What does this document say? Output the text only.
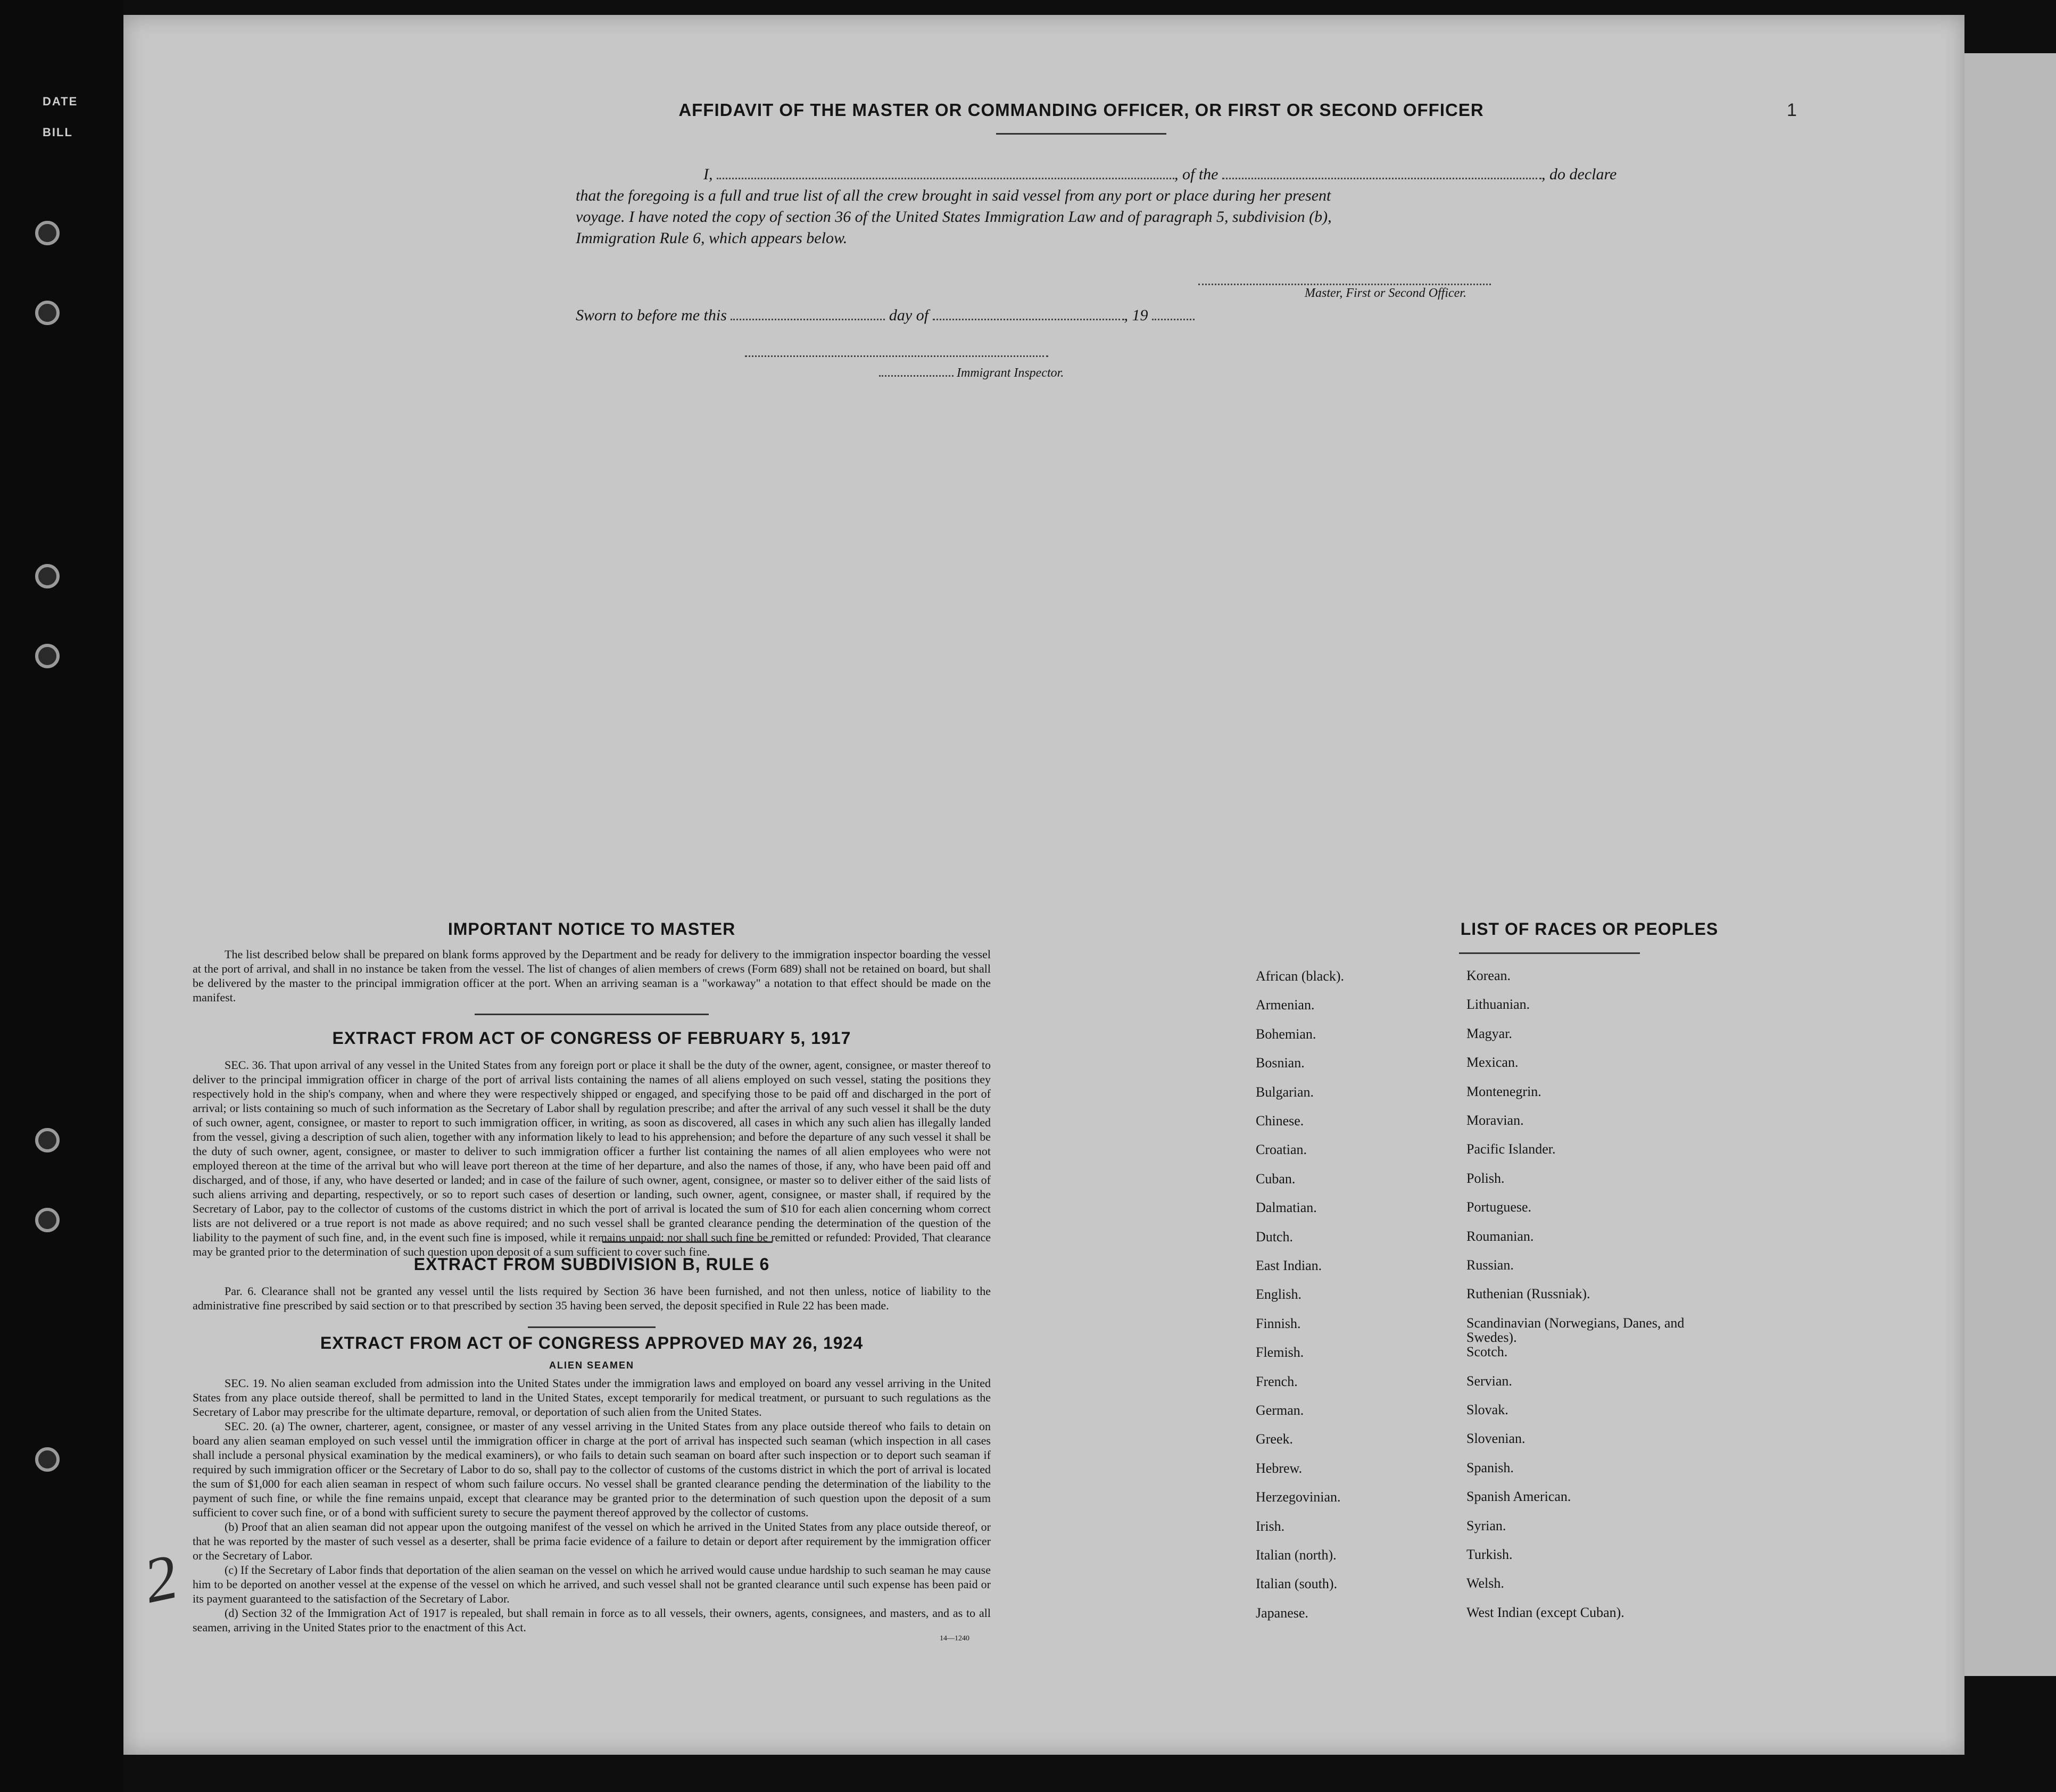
DATE
BILL
1
AFFIDAVIT OF THE MASTER OR COMMANDING OFFICER, OR FIRST OR SECOND OFFICER
I,	, of the	, do declare
that the foregoing is a full and true list of all the crew brought in said vessel from any port or place during her present
voyage. I have noted the copy of section 36 of the United States Immigration Law and of paragraph 5, subdivision (b),
Immigration Rule 6, which appears below.
Master, First or Second Officer.
Sworn to before me this	day of	, 19
Immigrant Inspector.
IMPORTANT NOTICE TO MASTER
The list described below shall be prepared on blank forms approved by the Department and be ready for delivery to the immigration inspector boarding the vessel at the port of arrival, and shall in no instance be taken from the vessel. The list of changes of alien members of crews (Form 689) shall not be retained on board, but shall be delivered by the master to the principal immigration officer at the port. When an arriving seaman is a "workaway" a notation to that effect should be made on the manifest.
EXTRACT FROM ACT OF CONGRESS OF FEBRUARY 5, 1917
SEC. 36. That upon arrival of any vessel in the United States from any foreign port or place it shall be the duty of the owner, agent, consignee, or master thereof to deliver to the principal immigration officer in charge of the port of arrival lists containing the names of all aliens employed on such vessel, stating the positions they respectively hold in the ship's company, when and where they were respectively shipped or engaged, and specifying those to be paid off and discharged in the port of arrival; or lists containing so much of such information as the Secretary of Labor shall by regulation prescribe; and after the arrival of any such vessel it shall be the duty of such owner, agent, consignee, or master to report to such immigration officer, in writing, as soon as discovered, all cases in which any such alien has illegally landed from the vessel, giving a description of such alien, together with any information likely to lead to his apprehension; and before the departure of any such vessel it shall be the duty of such owner, agent, consignee, or master to deliver to such immigration officer a further list containing the names of all alien employees who were not employed thereon at the time of the arrival but who will leave port thereon at the time of her departure, and also the names of those, if any, who have been paid off and discharged, and of those, if any, who have deserted or landed; and in case of the failure of such owner, agent, consignee, or master so to deliver either of the said lists of such aliens arriving and departing, respectively, or so to report such cases of desertion or landing, such owner, agent, consignee, or master shall, if required by the Secretary of Labor, pay to the collector of customs of the customs district in which the port of arrival is located the sum of $10 for each alien concerning whom correct lists are not delivered or a true report is not made as above required; and no such vessel shall be granted clearance pending the determination of the question of the liability to the payment of such fine, and, in the event such fine is imposed, while it remains unpaid; nor shall such fine be remitted or refunded: Provided, That clearance may be granted prior to the determination of such question upon deposit of a sum sufficient to cover such fine.
EXTRACT FROM SUBDIVISION B, RULE 6
Par. 6. Clearance shall not be granted any vessel until the lists required by Section 36 have been furnished, and not then unless, notice of liability to the administrative fine prescribed by said section or to that prescribed by section 35 having been served, the deposit specified in Rule 22 has been made.
EXTRACT FROM ACT OF CONGRESS APPROVED MAY 26, 1924
ALIEN SEAMEN

SEC. 19. No alien seaman excluded from admission into the United States under the immigration laws and employed on board any vessel arriving in the United States from any place outside thereof, shall be permitted to land in the United States, except temporarily for medical treatment, or pursuant to such regulations as the Secretary of Labor may prescribe for the ultimate departure, removal, or deportation of such alien from the United States.

SEC. 20. (a) The owner, charterer, agent, consignee, or master of any vessel arriving in the United States from any place outside thereof who fails to detain on board any alien seaman employed on such vessel until the immigration officer in charge at the port of arrival has inspected such seaman (which inspection in all cases shall include a personal physical examination by the medical examiners), or who fails to detain such seaman on board after such inspection or to deport such seaman if required by such immigration officer or the Secretary of Labor to do so, shall pay to the collector of customs of the customs district in which the port of arrival is located the sum of $1,000 for each alien seaman in respect of whom such failure occurs. No vessel shall be granted clearance pending the determination of the liability to the payment of such fine, or while the fine remains unpaid, except that clearance may be granted prior to the determination of such question upon the deposit of a sum sufficient to cover such fine, or of a bond with sufficient surety to secure the payment thereof approved by the collector of customs.

(b) Proof that an alien seaman did not appear upon the outgoing manifest of the vessel on which he arrived in the United States from any place outside thereof, or that he was reported by the master of such vessel as a deserter, shall be prima facie evidence of a failure to detain or deport after requirement by the immigration officer or the Secretary of Labor.

(c) If the Secretary of Labor finds that deportation of the alien seaman on the vessel on which he arrived would cause undue hardship to such seaman he may cause him to be deported on another vessel at the expense of the vessel on which he arrived, and such vessel shall not be granted clearance until such expense has been paid or its payment guaranteed to the satisfaction of the Secretary of Labor.

(d) Section 32 of the Immigration Act of 1917 is repealed, but shall remain in force as to all vessels, their owners, agents, consignees, and masters, and as to all seamen, arriving in the United States prior to the enactment of this Act.

14—1240
LIST OF RACES OR PEOPLES
2
African (black).	Korean.
Armenian.	Lithuanian.
Bohemian.	Magyar.
Bosnian.	Mexican.
Bulgarian.	Montenegrin.
Chinese.	Moravian.
Croatian.	Pacific Islander.
Cuban.	Polish.
Dalmatian.	Portuguese.
Dutch.	Roumanian.
East Indian.	Russian.
English.	Ruthenian (Russniak).
Finnish.	Scandinavian (Norwegians, Danes, and Swedes).
Flemish.	Scotch.
French.	Servian.
German.	Slovak.
Greek.	Slovenian.
Hebrew.	Spanish.
Herzegovinian.	Spanish American.
Irish.	Syrian.
Italian (north).	Turkish.
Italian (south).	Welsh.
Japanese.	West Indian (except Cuban).
